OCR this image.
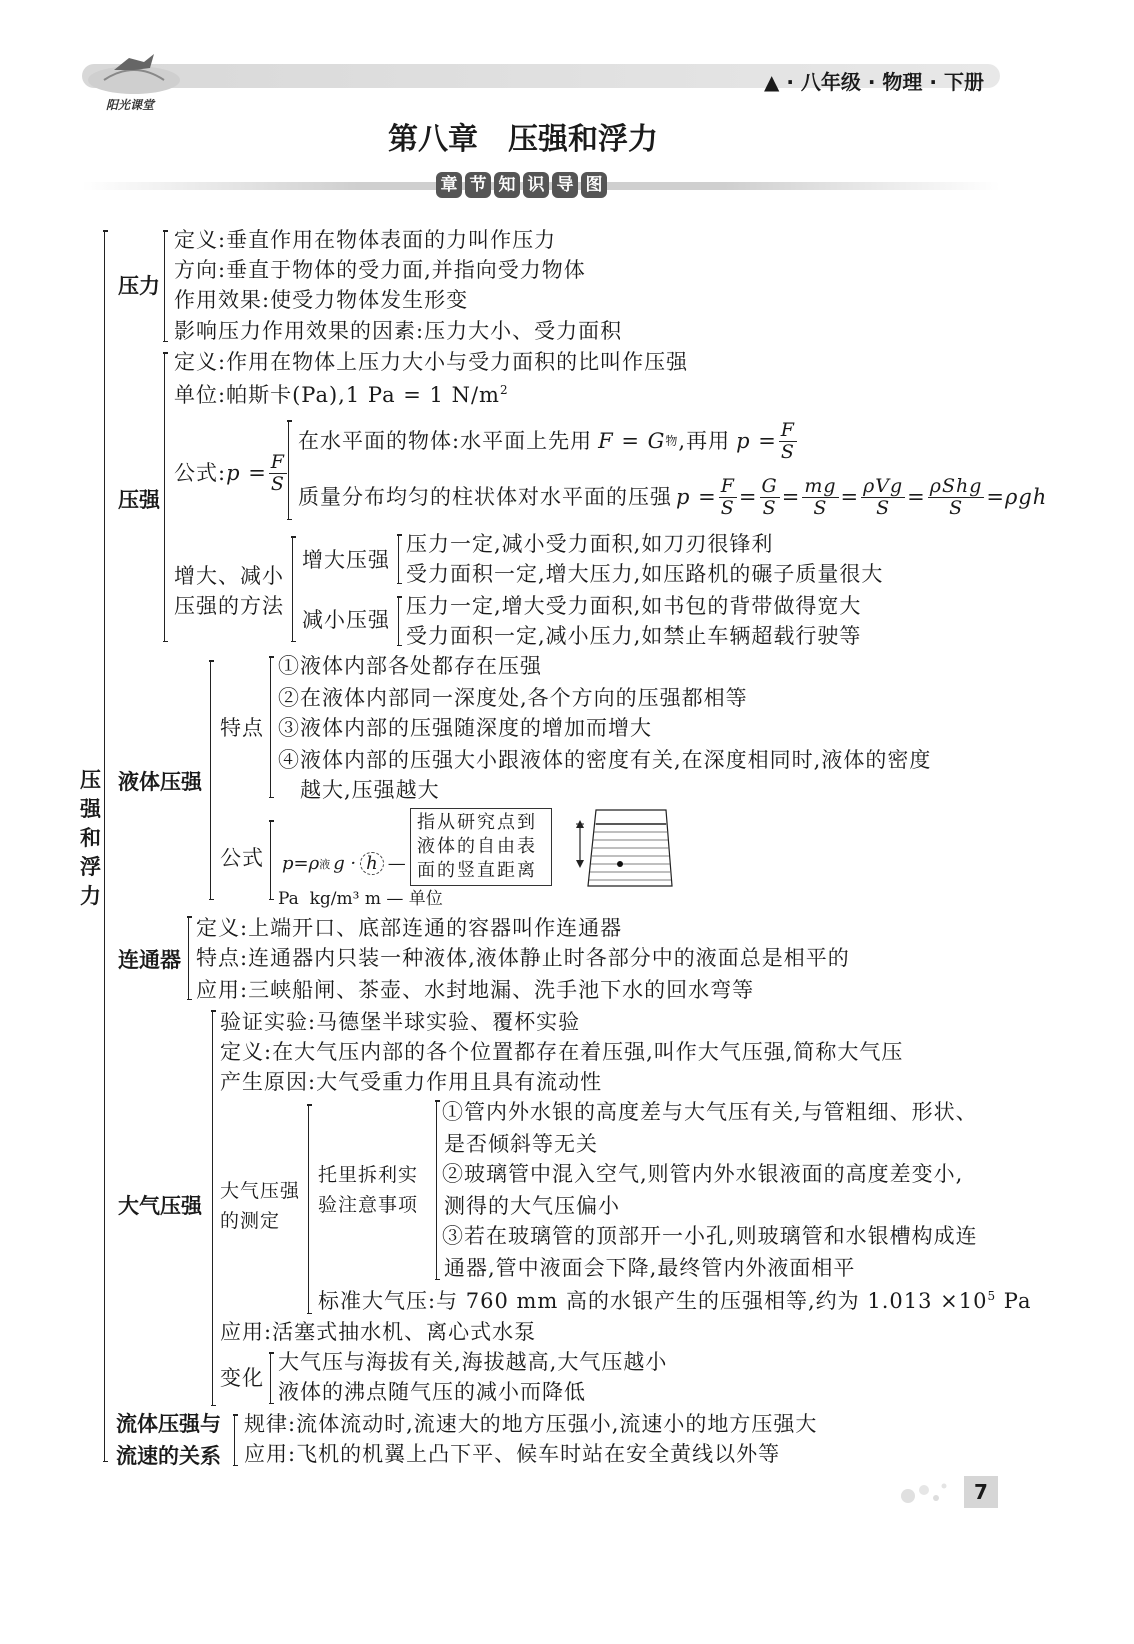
阳光课堂
▲ · 八年级 · 物理 · 下册
第八章　压强和浮力
章 节 知 识 导 图
压
强
和
浮
力
压力
定义:垂直作用在物体表面的力叫作压力
方向:垂直于物体的受力面,并指向受力物体
作用效果:使受力物体发生形变
影响压力作用效果的因素:压力大小、受力面积
压强
定义:作用在物体上压力大小与受力面积的比叫作压强
单位:帕斯卡(Pa),1 Pa = 1 $N/m^2$
公式: $p = \frac{F}{S}$
在水平面的物体:水平面上先用 F = G 物 ,再用 $p = \frac{F}{S}$
质量分布均匀的柱状体对水平面的压强 $p = \frac{F}{S} = \frac{G}{S} = \frac{mg}{S} = \frac{\text{ρVg}}{S} = \frac{\text{ρShg}}{S} =\rho gh$
增大、减小
压强的方法
增大压强
压力一定,减小受力面积,如刀刃很锋利
受力面积一定,增大压力,如压路机的碾子质量很大
减小压强
压力一定,增大受力面积,如书包的背带做得宽大
受力面积一定,减小压力,如禁止车辆超载行驶等
液体压强
特点
①液体内部各处都存在压强
②在液体内部同一深度处,各个方向的压强都相等
③液体内部的压强随深度的增加而增大
④液体内部的压强大小跟液体的密度有关,在深度相同时,液体的密度
越大,压强越大
公式 p=ρ 液 g · h —
Pa  kg/m³ m — 单位
指从研究点到
液体的自由表
面的竖直距离
连通器
定义:上端开口、底部连通的容器叫作连通器
特点:连通器内只装一种液体,液体静止时各部分中的液面总是相平的
应用:三峡船闸、茶壶、水封地漏、洗手池下水的回水弯等
大气压强
验证实验:马德堡半球实验、覆杯实验
定义:在大气压内部的各个位置都存在着压强,叫作大气压强,简称大气压
产生原因:大气受重力作用且具有流动性
大气压强
的测定
托里拆利实
验注意事项
①管内外水银的高度差与大气压有关,与管粗细、形状、
是否倾斜等无关
②玻璃管中混入空气,则管内外水银液面的高度差变小,
测得的大气压偏小
③若在玻璃管的顶部开一小孔,则玻璃管和水银槽构成连
通器,管中液面会下降,最终管内外液面相平
标准大气压:与 760 mm 高的水银产生的压强相等,约为 $1.013 \times 10^5$ Pa
应用:活塞式抽水机、离心式水泵
变化
大气压与海拔有关,海拔越高,大气压越小
液体的沸点随气压的减小而降低
流体压强与
流速的关系
规律:流体流动时,流速大的地方压强小,流速小的地方压强大
应用:飞机的机翼上凸下平、候车时站在安全黄线以外等
7
